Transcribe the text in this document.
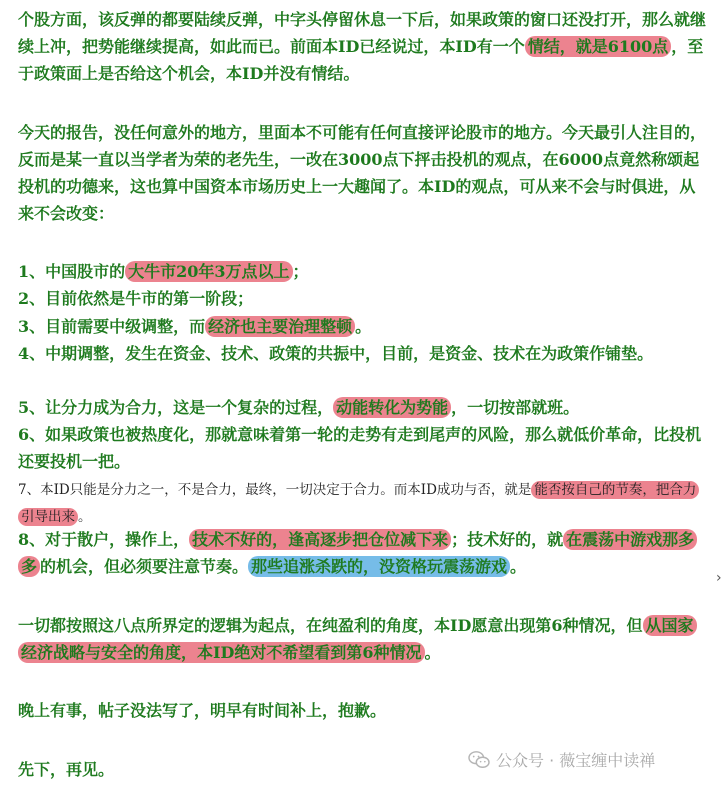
个股方面，该反弹的都要陆续反弹，中字头停留休息一下后，如果政策的窗口还没打开，那么就继续上冲，把势能继续提高，如此而已。前面本ID已经说过，本ID有一个 情结，就是6100点 ，至于政策面上是否给这个机会，本ID并没有情结。

今天的报告，没任何意外的地方，里面本不可能有任何直接评论股市的地方。今天最引人注目的，反而是某一直以当学者为荣的老先生，一改在3000点下抨击投机的观点，在6000点竟然称颂起投机的功德来，这也算中国资本市场历史上一大趣闻了。本ID的观点，可从来不会与时俱进，从来不会改变：

1、中国股市的 大牛市20年3万点以上 ；

2、目前依然是牛市的第一阶段；

3、目前需要中级调整，而 经济也主要治理整顿 。

4、中期调整，发生在资金、技术、政策的共振中，目前，是资金、技术在为政策作铺垫。

5、让分力成为合力，这是一个复杂的过程， 动能转化为势能 ，一切按部就班。

6、如果政策也被热度化，那就意味着第一轮的走势有走到尾声的风险，那么就低价革命，比投机还要投机一把。

7、本ID只能是分力之一，不是合力，最终，一切决定于合力。而本ID成功与否，就是 能否按自己的节奏，把合力引导出来 。

8、对于散户，操作上， 技术不好的，逢高逐步把仓位减下来 ；技术好的，就 在震荡中游戏那多多 的机会，但必须要注意节奏。 那些追涨杀跌的，没资格玩震荡游戏 。

一切都按照这八点所界定的逻辑为起点，在纯盈利的角度，本ID愿意出现第6种情况，但 从国家经济战略与安全的角度，本ID绝对不希望看到第6种情况 。

晚上有事，帖子没法写了，明早有时间补上，抱歉。

先下，再见。	公众号 · 薇宝缠中读禅
›
